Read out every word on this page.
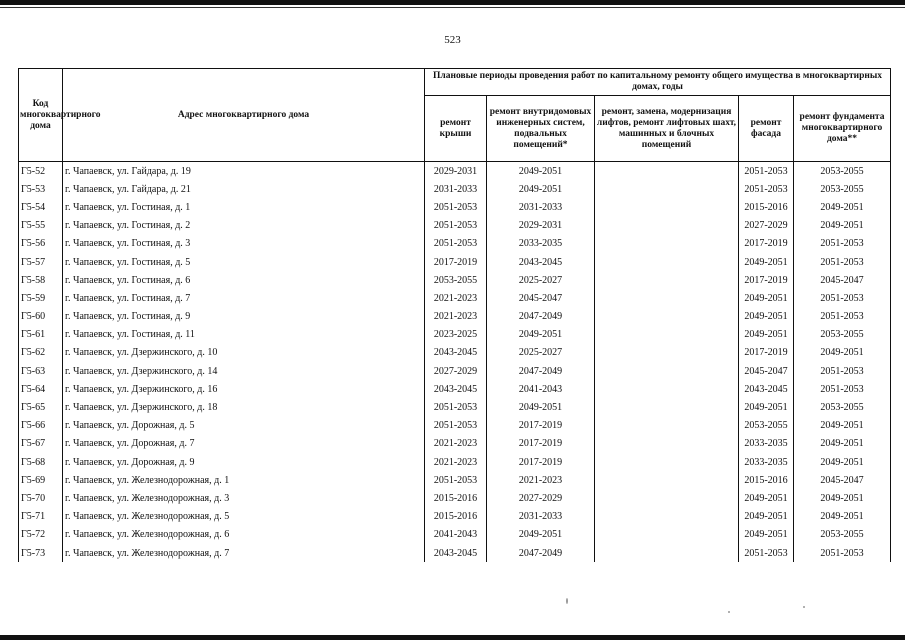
523
Код многоквартирного дома	Адрес многоквартирного дома	Плановые периоды проведения работ по капитальному ремонту общего имущества в многоквартирных домах, годы				
		ремонт крыши	ремонт внутридомовых инженерных систем, подвальных помещений*	ремонт, замена, модернизация лифтов, ремонт лифтовых шахт, машинных и блочных помещений	ремонт фасада	ремонт фундамента многоквартирного дома**
Г5-52	г. Чапаевск, ул. Гайдара, д. 19	2029-2031	2049-2051		2051-2053	2053-2055
Г5-53	г. Чапаевск, ул. Гайдара, д. 21	2031-2033	2049-2051		2051-2053	2053-2055
Г5-54	г. Чапаевск, ул. Гостиная, д. 1	2051-2053	2031-2033		2015-2016	2049-2051
Г5-55	г. Чапаевск, ул. Гостиная, д. 2	2051-2053	2029-2031		2027-2029	2049-2051
Г5-56	г. Чапаевск, ул. Гостиная, д. 3	2051-2053	2033-2035		2017-2019	2051-2053
Г5-57	г. Чапаевск, ул. Гостиная, д. 5	2017-2019	2043-2045		2049-2051	2051-2053
Г5-58	г. Чапаевск, ул. Гостиная, д. 6	2053-2055	2025-2027		2017-2019	2045-2047
Г5-59	г. Чапаевск, ул. Гостиная, д. 7	2021-2023	2045-2047		2049-2051	2051-2053
Г5-60	г. Чапаевск, ул. Гостиная, д. 9	2021-2023	2047-2049		2049-2051	2051-2053
Г5-61	г. Чапаевск, ул. Гостиная, д. 11	2023-2025	2049-2051		2049-2051	2053-2055
Г5-62	г. Чапаевск, ул. Дзержинского, д. 10	2043-2045	2025-2027		2017-2019	2049-2051
Г5-63	г. Чапаевск, ул. Дзержинского, д. 14	2027-2029	2047-2049		2045-2047	2051-2053
Г5-64	г. Чапаевск, ул. Дзержинского, д. 16	2043-2045	2041-2043		2043-2045	2051-2053
Г5-65	г. Чапаевск, ул. Дзержинского, д. 18	2051-2053	2049-2051		2049-2051	2053-2055
Г5-66	г. Чапаевск, ул. Дорожная, д. 5	2051-2053	2017-2019		2053-2055	2049-2051
Г5-67	г. Чапаевск, ул. Дорожная, д. 7	2021-2023	2017-2019		2033-2035	2049-2051
Г5-68	г. Чапаевск, ул. Дорожная, д. 9	2021-2023	2017-2019		2033-2035	2049-2051
Г5-69	г. Чапаевск, ул. Железнодорожная, д. 1	2051-2053	2021-2023		2015-2016	2045-2047
Г5-70	г. Чапаевск, ул. Железнодорожная, д. 3	2015-2016	2027-2029		2049-2051	2049-2051
Г5-71	г. Чапаевск, ул. Железнодорожная, д. 5	2015-2016	2031-2033		2049-2051	2049-2051
Г5-72	г. Чапаевск, ул. Железнодорожная, д. 6	2041-2043	2049-2051		2049-2051	2053-2055
Г5-73	г. Чапаевск, ул. Железнодорожная, д. 7	2043-2045	2047-2049		2051-2053	2051-2053
